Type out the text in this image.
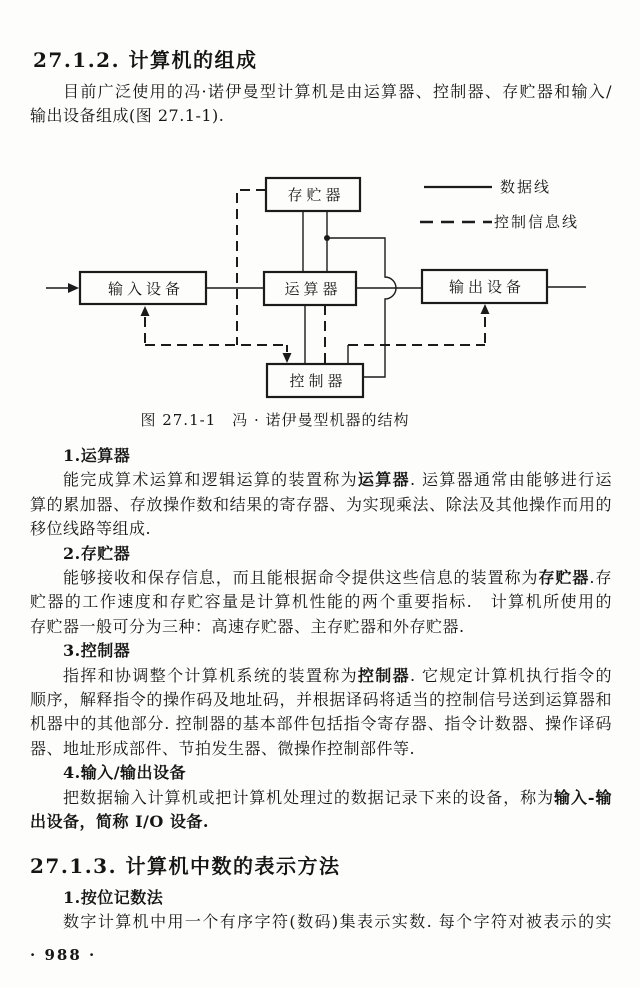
27.1.2. 计算机的组成
目前广泛使用的冯·诺伊曼型计算机是由运算器、控制器、存贮器和输入/
输出设备组成(图 27.1-1).
存贮器
输入设备	运算器	输出设备
控制器
数据线
控制信息线
图 27.1-1　冯 · 诺伊曼型机器的结构
1.运算器
能完成算术运算和逻辑运算的装置称为运算器. 运算器通常由能够进行运
算的累加器、存放操作数和结果的寄存器、为实现乘法、除法及其他操作而用的
移位线路等组成.
2.存贮器
能够接收和保存信息，而且能根据命令提供这些信息的装置称为存贮器.存
贮器的工作速度和存贮容量是计算机性能的两个重要指标.　计算机所使用的
存贮器一般可分为三种：高速存贮器、主存贮器和外存贮器.
3.控制器
指挥和协调整个计算机系统的装置称为控制器. 它规定计算机执行指令的
顺序，解释指令的操作码及地址码，并根据译码将适当的控制信号送到运算器和
机器中的其他部分. 控制器的基本部件包括指令寄存器、指令计数器、操作译码
器、地址形成部件、节拍发生器、微操作控制部件等.
4.输入/输出设备
把数据输入计算机或把计算机处理过的数据记录下来的设备，称为输入-输
出设备，简称 I/O 设备.
27.1.3. 计算机中数的表示方法
1.按位记数法
数字计算机中用一个有序字符(数码)集表示实数. 每个字符对被表示的实
· 988 ·
